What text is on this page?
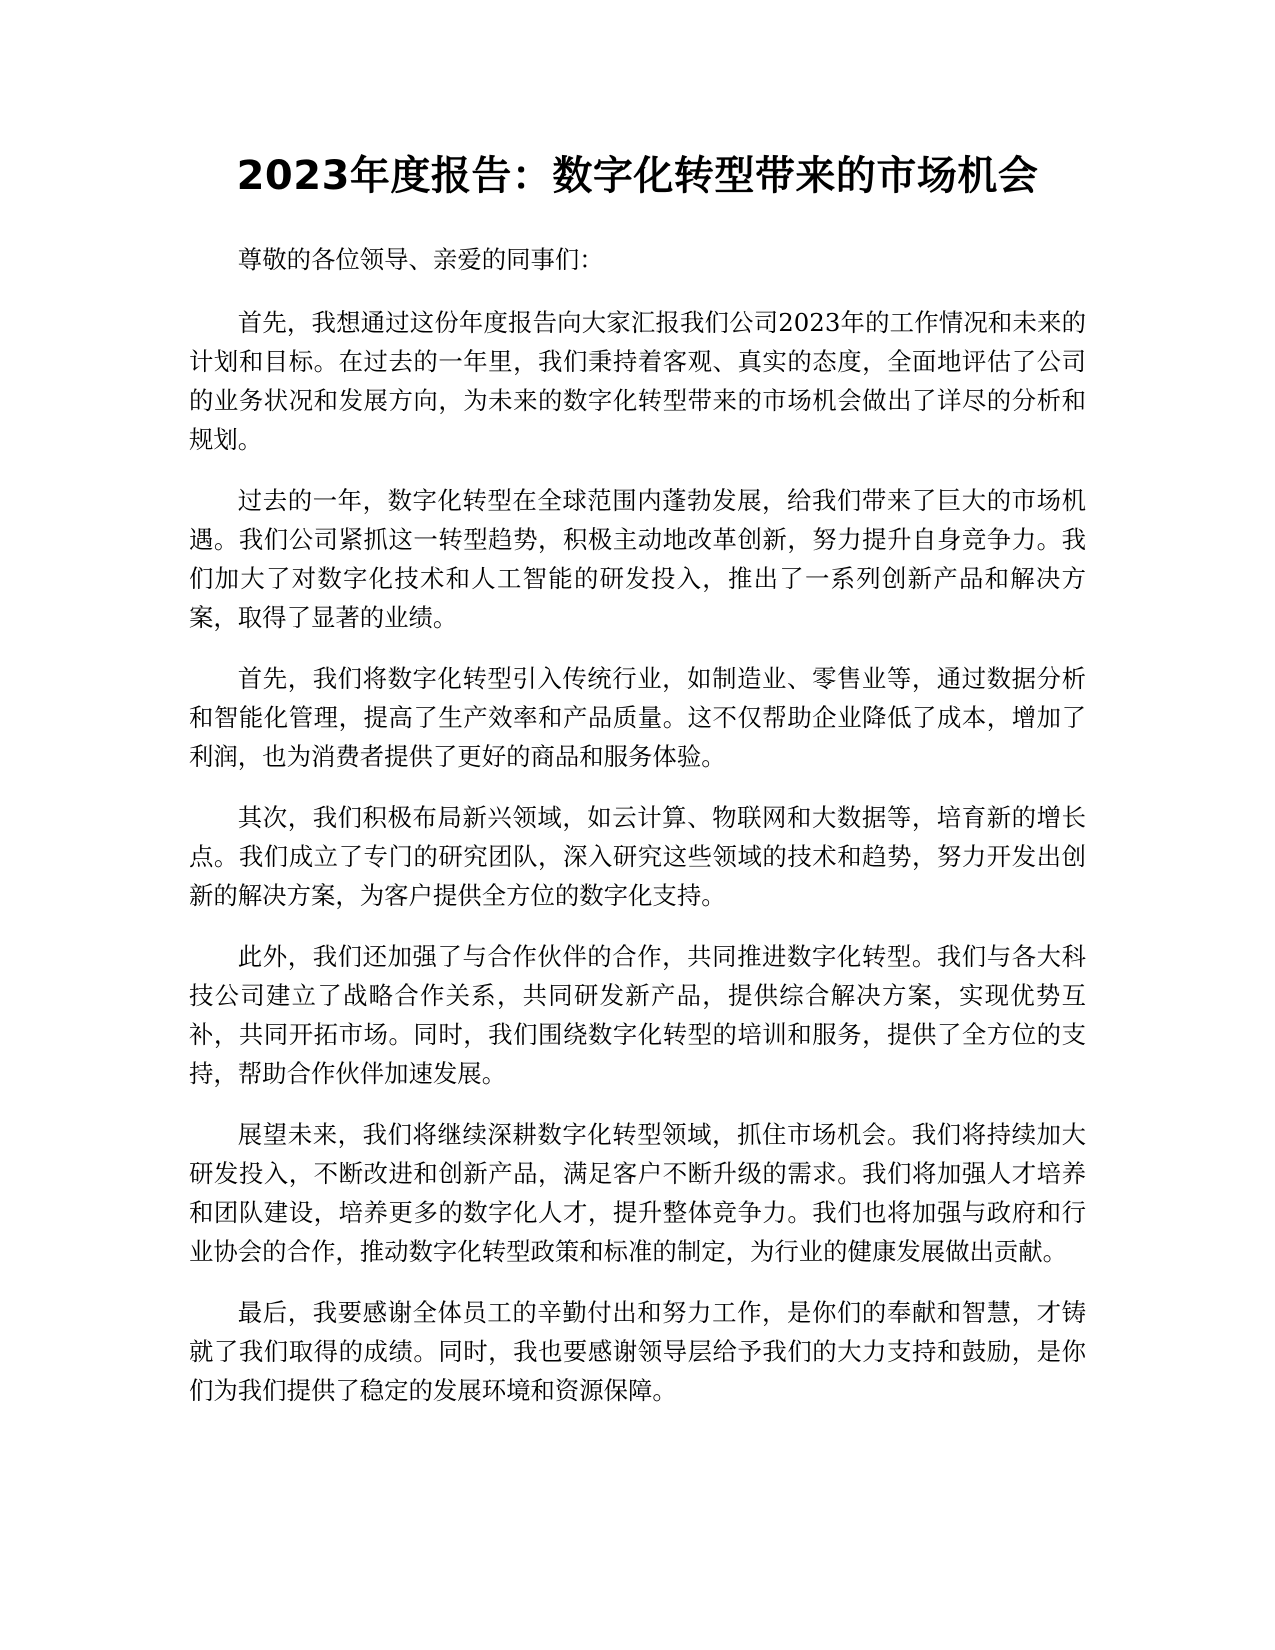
2023年度报告：数字化转型带来的市场机会

尊敬的各位领导、亲爱的同事们：

首先，我想通过这份年度报告向大家汇报我们公司2023年的工作情况和未来的计划和目标。在过去的一年里，我们秉持着客观、真实的态度，全面地评估了公司的业务状况和发展方向，为未来的数字化转型带来的市场机会做出了详尽的分析和规划。

过去的一年，数字化转型在全球范围内蓬勃发展，给我们带来了巨大的市场机遇。我们公司紧抓这一转型趋势，积极主动地改革创新，努力提升自身竞争力。我们加大了对数字化技术和人工智能的研发投入，推出了一系列创新产品和解决方案，取得了显著的业绩。

首先，我们将数字化转型引入传统行业，如制造业、零售业等，通过数据分析和智能化管理，提高了生产效率和产品质量。这不仅帮助企业降低了成本，增加了利润，也为消费者提供了更好的商品和服务体验。

其次，我们积极布局新兴领域，如云计算、物联网和大数据等，培育新的增长点。我们成立了专门的研究团队，深入研究这些领域的技术和趋势，努力开发出创新的解决方案，为客户提供全方位的数字化支持。

此外，我们还加强了与合作伙伴的合作，共同推进数字化转型。我们与各大科技公司建立了战略合作关系，共同研发新产品，提供综合解决方案，实现优势互补，共同开拓市场。同时，我们围绕数字化转型的培训和服务，提供了全方位的支持，帮助合作伙伴加速发展。

展望未来，我们将继续深耕数字化转型领域，抓住市场机会。我们将持续加大研发投入，不断改进和创新产品，满足客户不断升级的需求。我们将加强人才培养和团队建设，培养更多的数字化人才，提升整体竞争力。我们也将加强与政府和行业协会的合作，推动数字化转型政策和标准的制定，为行业的健康发展做出贡献。

最后，我要感谢全体员工的辛勤付出和努力工作，是你们的奉献和智慧，才铸就了我们取得的成绩。同时，我也要感谢领导层给予我们的大力支持和鼓励，是你们为我们提供了稳定的发展环境和资源保障。
